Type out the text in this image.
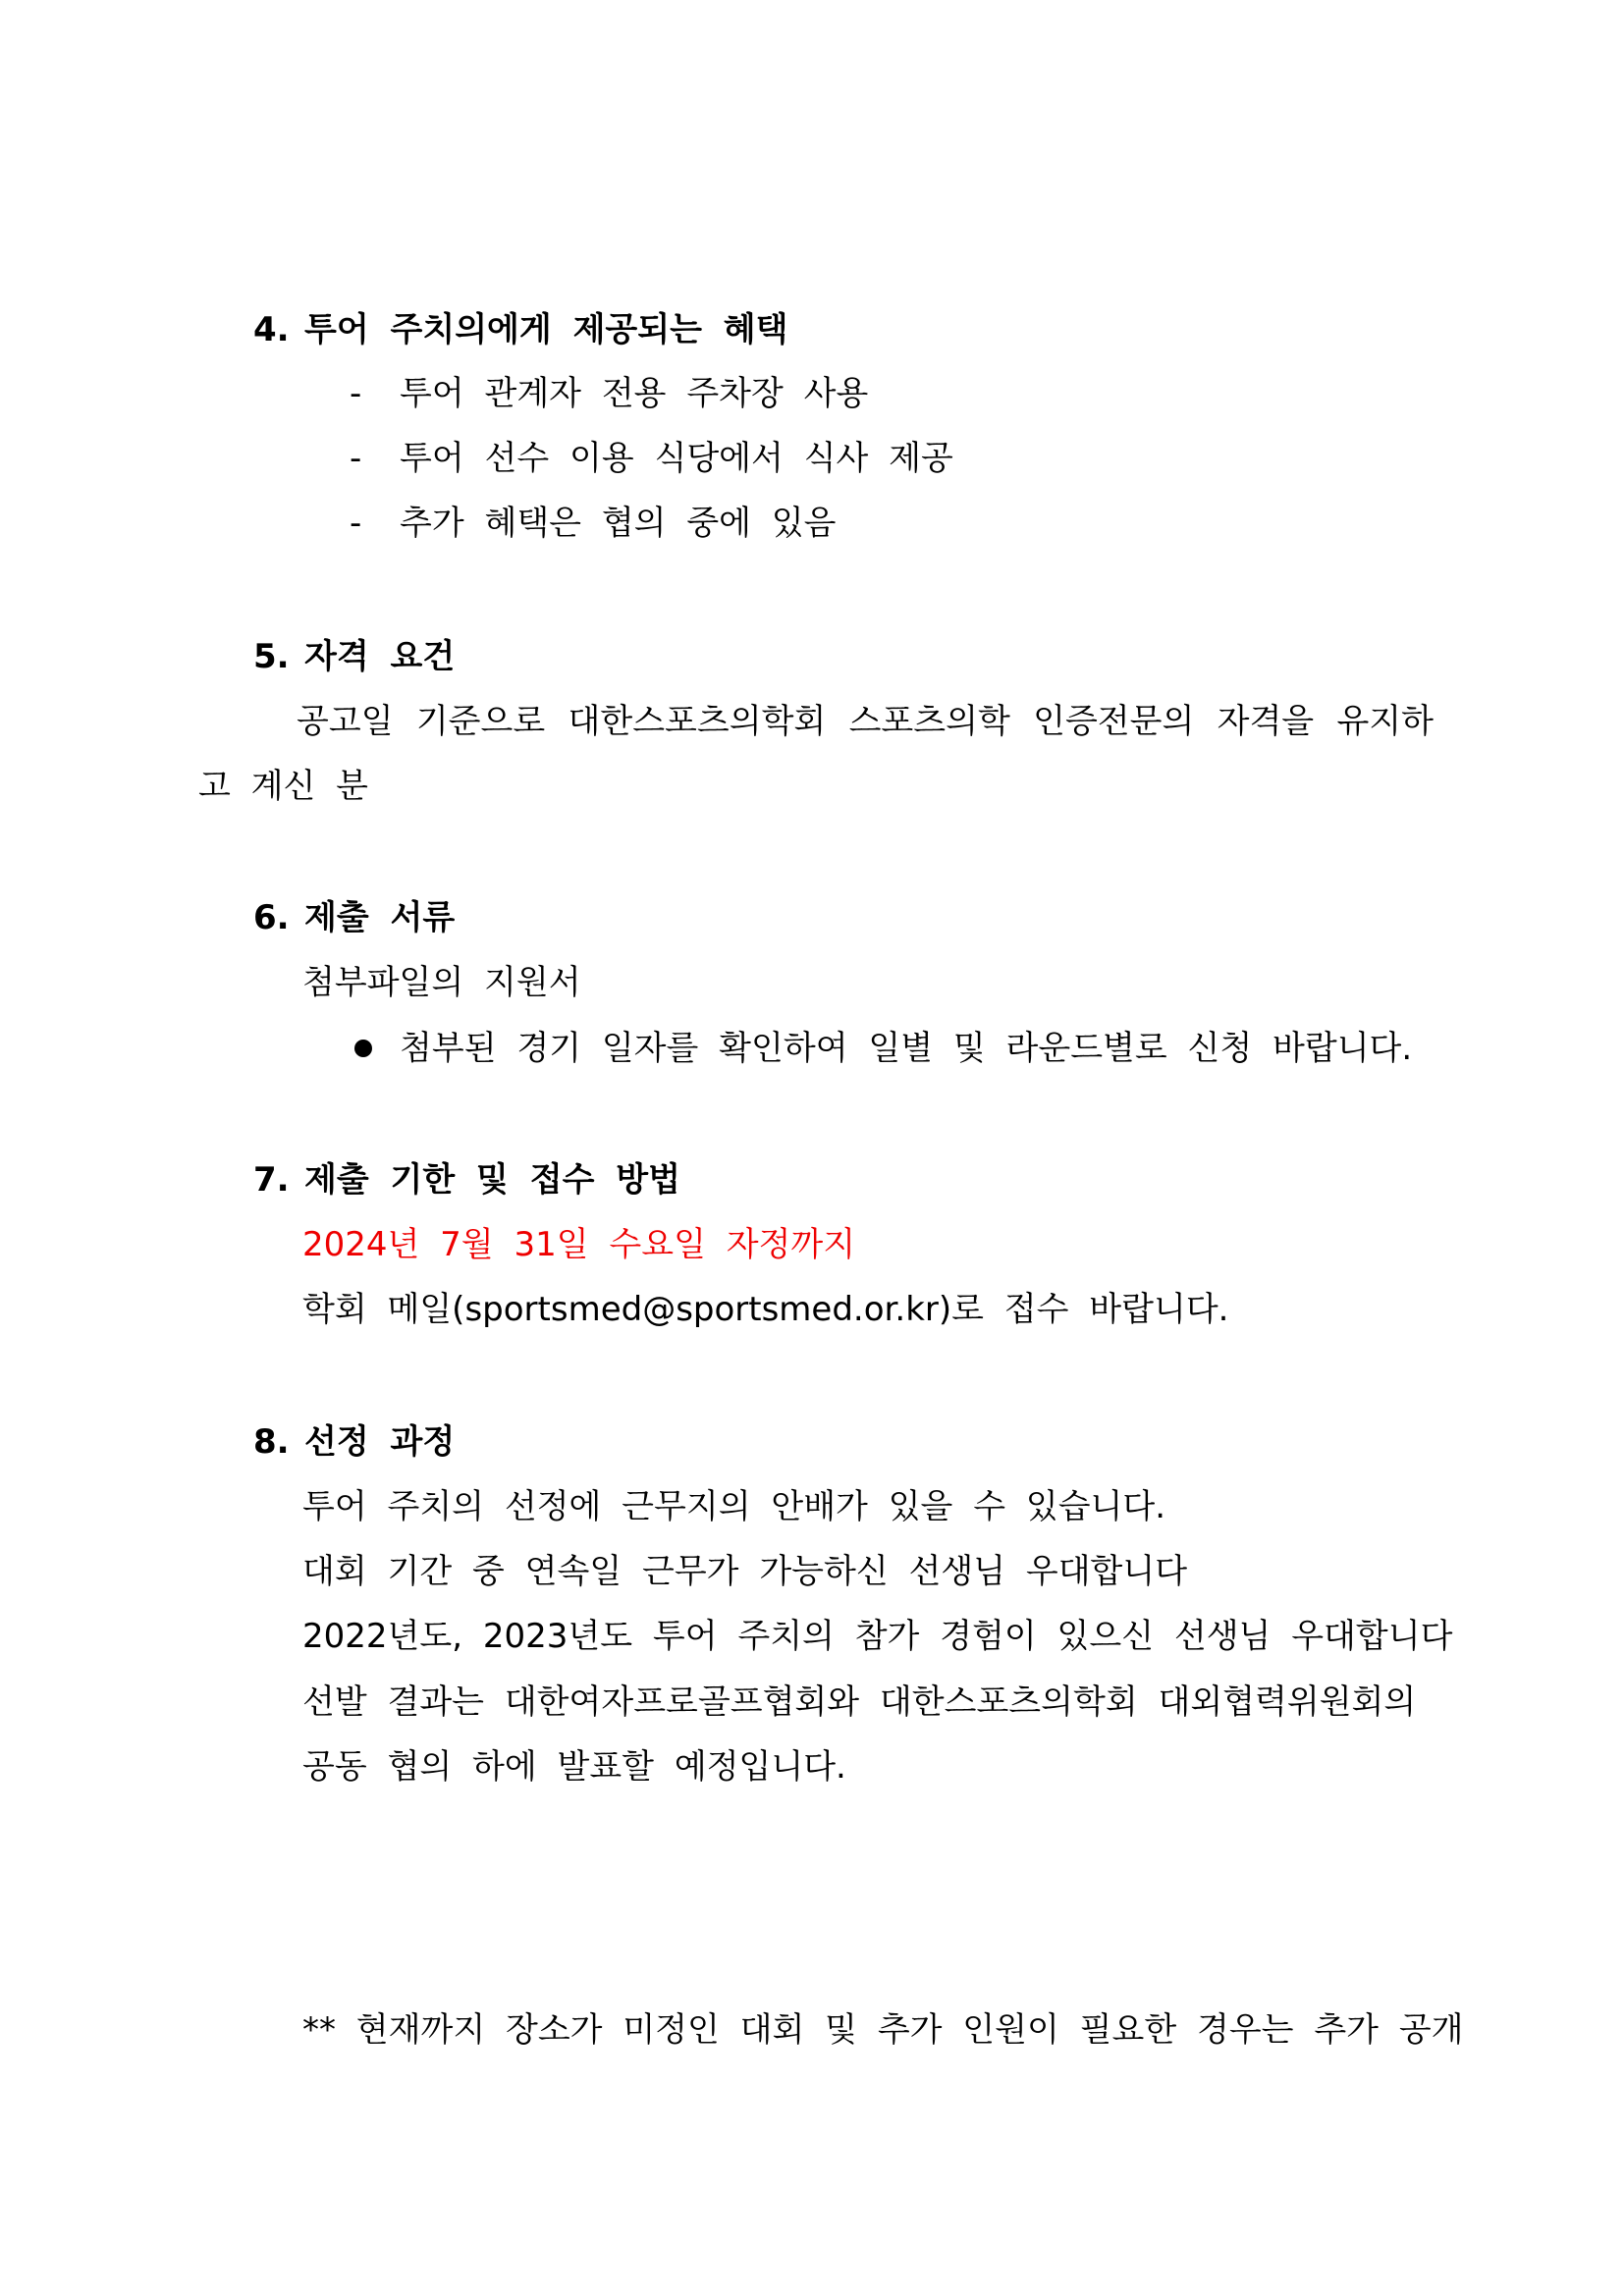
4. 투어 주치의에게 제공되는 혜택
- 투어 관계자 전용 주차장 사용
- 투어 선수 이용 식당에서 식사 제공
- 추가 혜택은 협의 중에 있음
5. 자격 요건
공고일 기준으로 대한스포츠의학회 스포츠의학 인증전문의 자격을 유지하
고 계신 분
6. 제출 서류
첨부파일의 지원서
첨부된 경기 일자를 확인하여 일별 및 라운드별로 신청 바랍니다.
7. 제출 기한 및 접수 방법
2024년 7월 31일 수요일 자정까지
학회 메일(sportsmed@sportsmed.or.kr)로 접수 바랍니다.
8. 선정 과정
투어 주치의 선정에 근무지의 안배가 있을 수 있습니다.
대회 기간 중 연속일 근무가 가능하신 선생님 우대합니다
2022년도, 2023년도 투어 주치의 참가 경험이 있으신 선생님 우대합니다
선발 결과는 대한여자프로골프협회와 대한스포츠의학회 대외협력위원회의
공동 협의 하에 발표할 예정입니다.
** 현재까지 장소가 미정인 대회 및 추가 인원이 필요한 경우는 추가 공개
